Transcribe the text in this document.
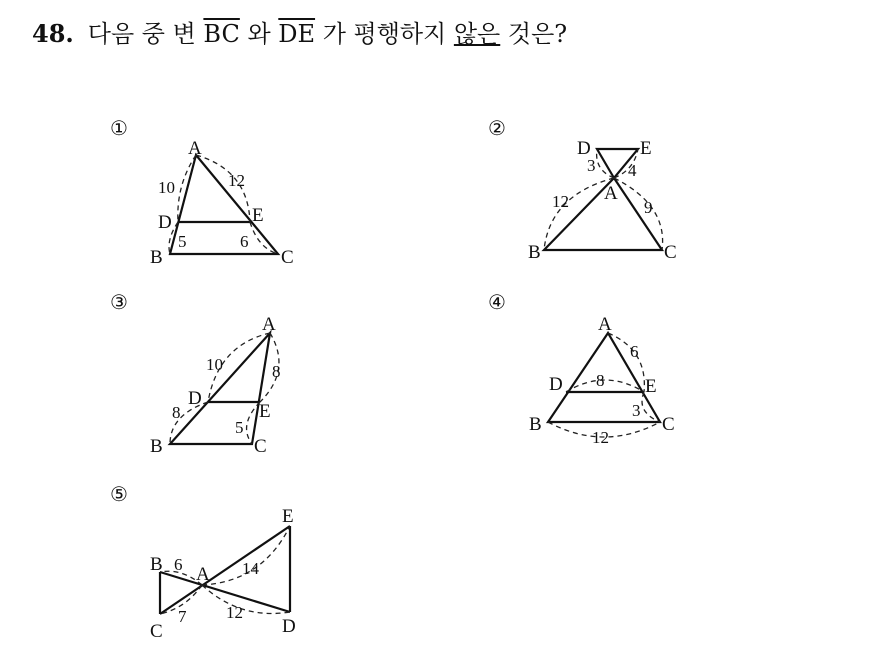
48. 다음 중 변 $\overline{BC}$ 와 $\overline{DE}$ 가 평행하지 않은 것은?
①
A
B	C
D	E
10	12
5	6
②
A
B	C
D	E
3 4
12	9
③
A
B	C
D
E
10	8
8
5
④
A
B	C
D	E
6
8
3
12
⑤
A
B
C	D
E
6	14
7 12
